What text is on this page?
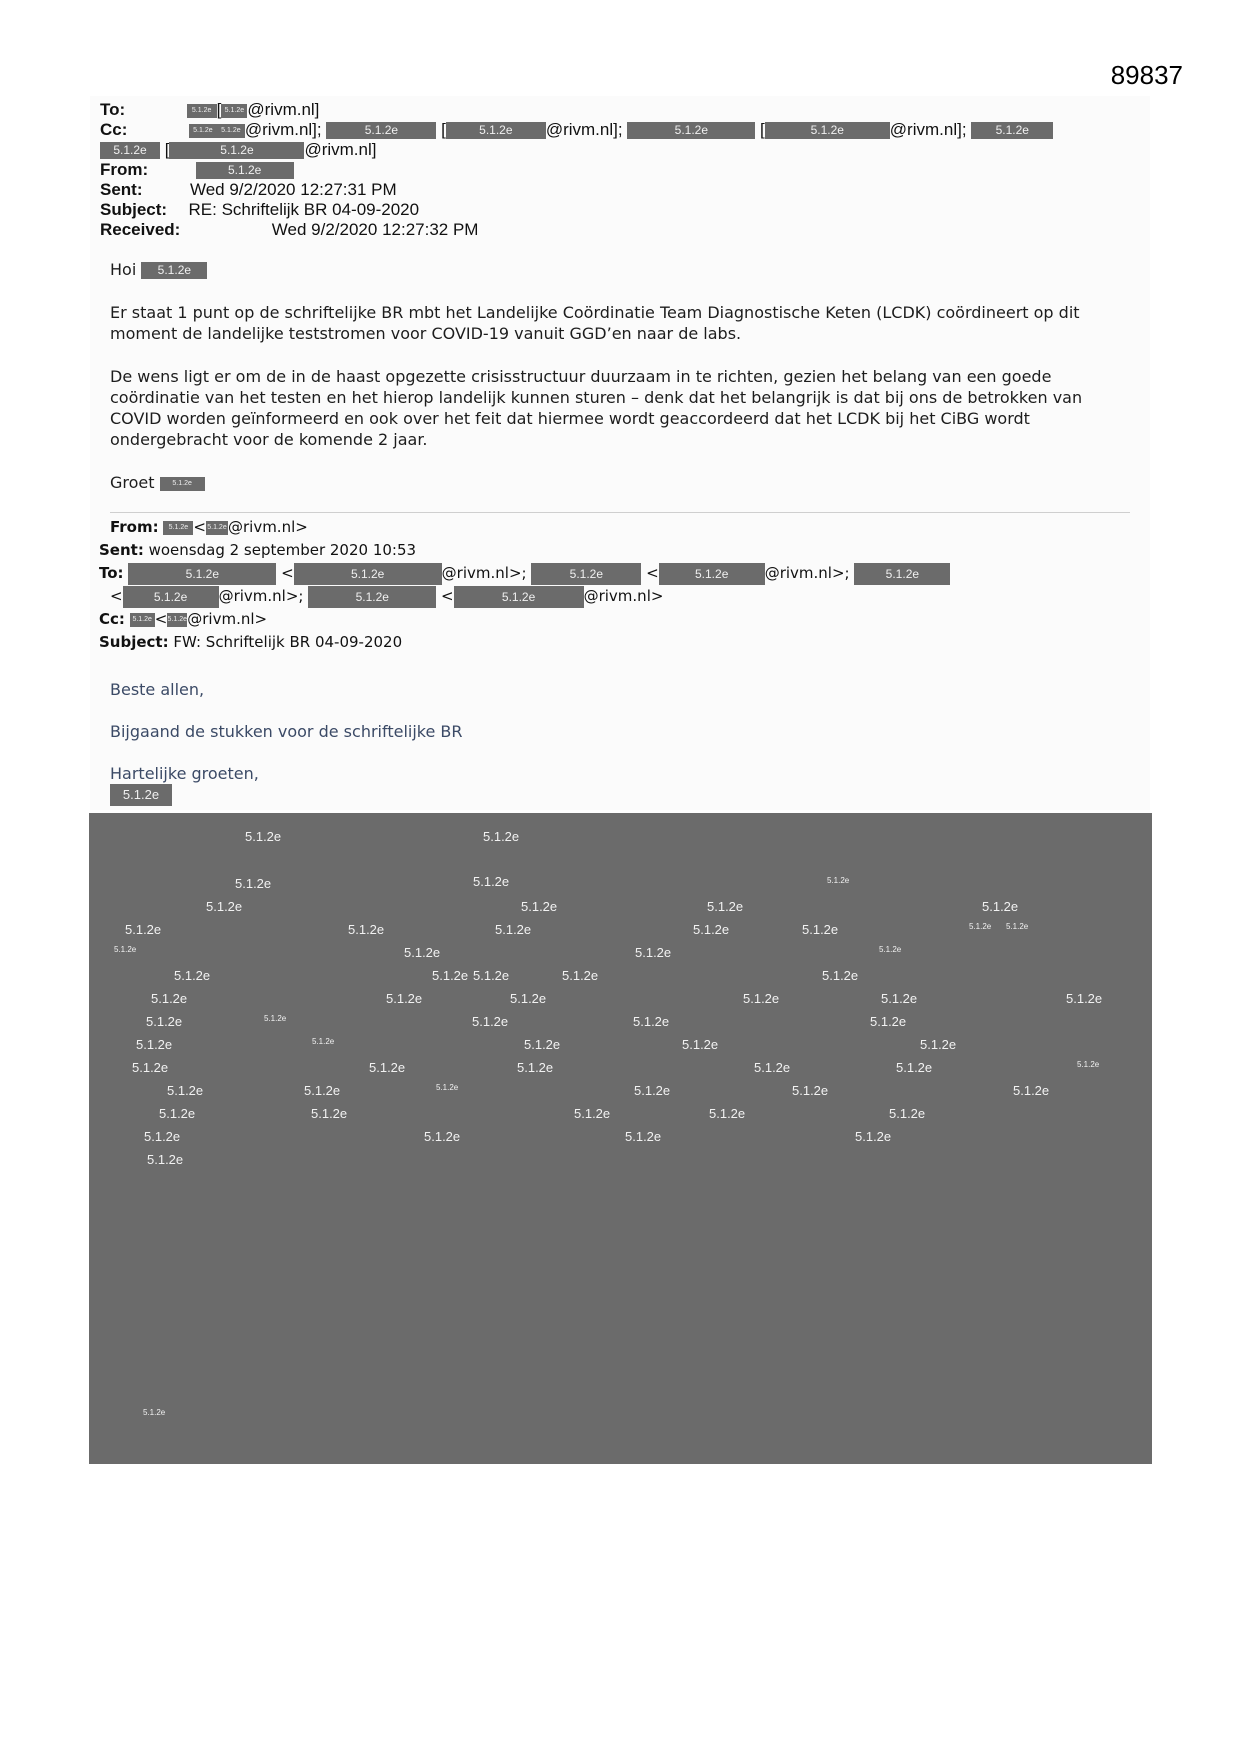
89837
To:	5.1.2e [ 5.1.2e @rivm.nl]
Cc:	5.1.2e 5.1.2e @rivm.nl];	5.1.2e [	5.1.2e @rivm.nl];	5.1.2e	[	5.1.2e	@rivm.nl]; 5.1.2e
5.1.2e [	5.1.2e	@rivm.nl]
From:	5.1.2e
Sent:	Wed 9/2/2020 12:27:31 PM
Subject: RE: Schriftelijk BR 04-09-2020
Received:	Wed 9/2/2020 12:27:32 PM
Hoi 5.1.2e
Er staat 1 punt op de schriftelijke BR mbt het Landelijke Coördinatie Team Diagnostische Keten (LCDK) coördineert op dit moment de landelijke teststromen voor COVID-19 vanuit GGD’en naar de labs.
De wens ligt er om de in de haast opgezette crisisstructuur duurzaam in te richten, gezien het belang van een goede coördinatie van het testen en het hierop landelijk kunnen sturen – denk dat het belangrijk is dat bij ons de betrokken van COVID worden geïnformeerd en ook over het feit dat hiermee wordt geaccordeerd dat het LCDK bij het CiBG wordt ondergebracht voor de komende 2 jaar.
Groet	5.1.2e
From: 5.1.2e <5.1.2e@rivm.nl>
Sent: woensdag 2 september 2020 10:53
To:	5.1.2e	<	5.1.2e	@rivm.nl>;	5.1.2e	<	5.1.2e @rivm.nl>;	5.1.2e
<	5.1.2e @rivm.nl>;	5.1.2e	<	5.1.2e	@rivm.nl>
Cc: 5.1.2e <5.1.2e@rivm.nl>
Subject: FW: Schriftelijk BR 04-09-2020
Beste allen,
Bijgaand de stukken voor de schriftelijke BR
Hartelijke groeten,
5.1.2e
5.1.2e	5.1.2e
5.1.2e	5.1.2e	5.1.2e
5.1.2e	5.1.2e	5.1.2e	5.1.2e
5.1.2e	5.1.2e	5.1.2e	5.1.2e	5.1.2e	5.1.2e 5.1.2e
5.1.2e	5.1.2e	5.1.2e	5.1.2e
5.1.2e	5.1.2e 5.1.2e	5.1.2e	5.1.2e
5.1.2e	5.1.2e	5.1.2e	5.1.2e	5.1.2e	5.1.2e
5.1.2e	5.1.2e	5.1.2e	5.1.2e	5.1.2e
5.1.2e	5.1.2e	5.1.2e	5.1.2e	5.1.2e
5.1.2e	5.1.2e	5.1.2e	5.1.2e	5.1.2e	5.1.2e
5.1.2e	5.1.2e	5.1.2e	5.1.2e	5.1.2e	5.1.2e
5.1.2e	5.1.2e	5.1.2e	5.1.2e	5.1.2e
5.1.2e	5.1.2e	5.1.2e	5.1.2e
5.1.2e
5.1.2e
